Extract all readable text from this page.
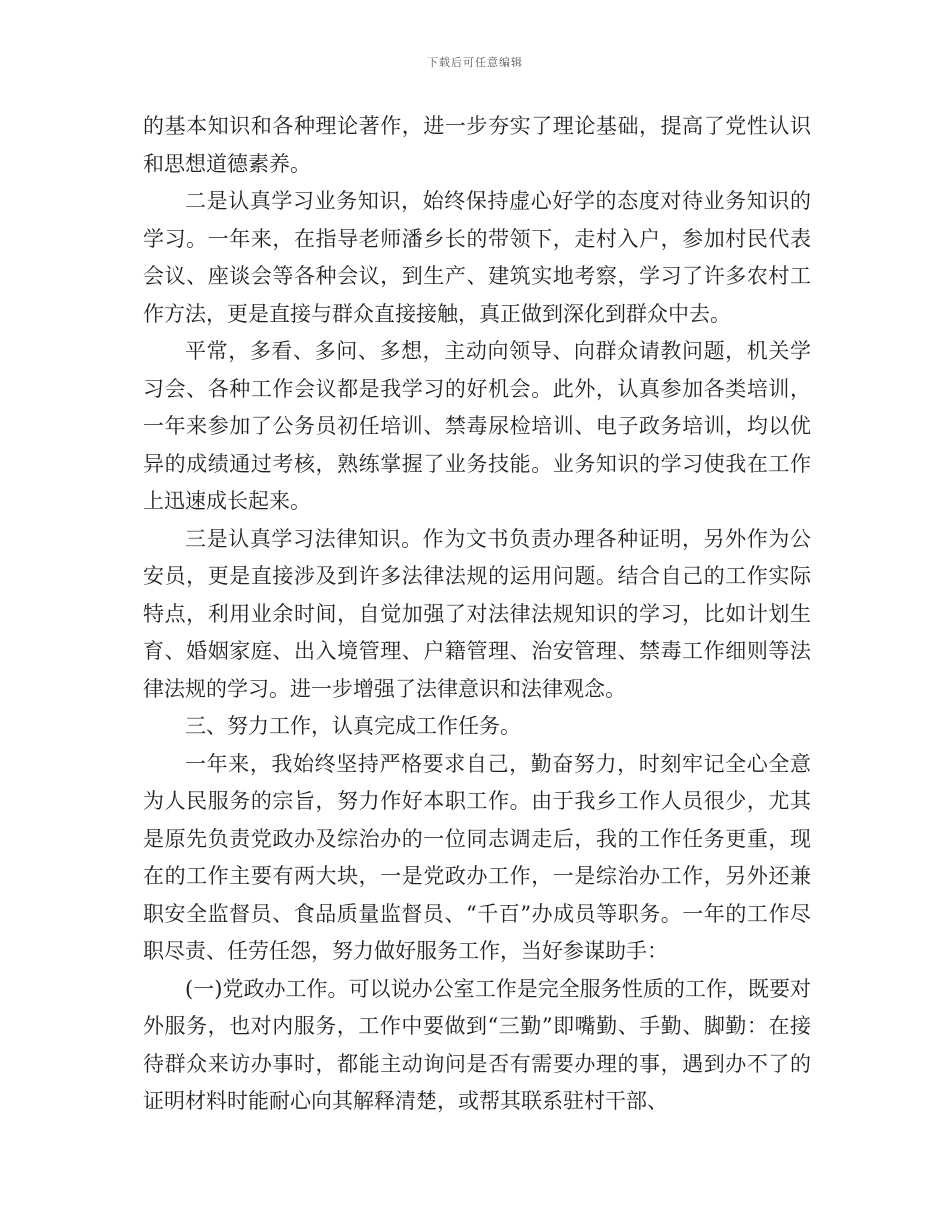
下载后可任意编辑

的基本知识和各种理论著作，进一步夯实了理论基础，提高了党性认识和思想道德素养。

二是认真学习业务知识，始终保持虚心好学的态度对待业务知识的学习。一年来，在指导老师潘乡长的带领下，走村入户，参加村民代表会议、座谈会等各种会议，到生产、建筑实地考察，学习了许多农村工作方法，更是直接与群众直接接触，真正做到深化到群众中去。

平常，多看、多问、多想，主动向领导、向群众请教问题，机关学习会、各种工作会议都是我学习的好机会。此外，认真参加各类培训，一年来参加了公务员初任培训、禁毒尿检培训、电子政务培训，均以优异的成绩通过考核，熟练掌握了业务技能。业务知识的学习使我在工作上迅速成长起来。

三是认真学习法律知识。作为文书负责办理各种证明，另外作为公安员，更是直接涉及到许多法律法规的运用问题。结合自己的工作实际特点，利用业余时间，自觉加强了对法律法规知识的学习，比如计划生育、婚姻家庭、出入境管理、户籍管理、治安管理、禁毒工作细则等法律法规的学习。进一步增强了法律意识和法律观念。

三、努力工作，认真完成工作任务。

一年来，我始终坚持严格要求自己，勤奋努力，时刻牢记全心全意为人民服务的宗旨，努力作好本职工作。由于我乡工作人员很少，尤其是原先负责党政办及综治办的一位同志调走后，我的工作任务更重，现在的工作主要有两大块，一是党政办工作，一是综治办工作，另外还兼职安全监督员、食品质量监督员、“千百”办成员等职务。一年的工作尽职尽责、任劳任怨，努力做好服务工作，当好参谋助手：

(一)党政办工作。可以说办公室工作是完全服务性质的工作，既要对外服务，也对内服务，工作中要做到“三勤”即嘴勤、手勤、脚勤：在接待群众来访办事时，都能主动询问是否有需要办理的事，遇到办不了的证明材料时能耐心向其解释清楚，或帮其联系驻村干部、
